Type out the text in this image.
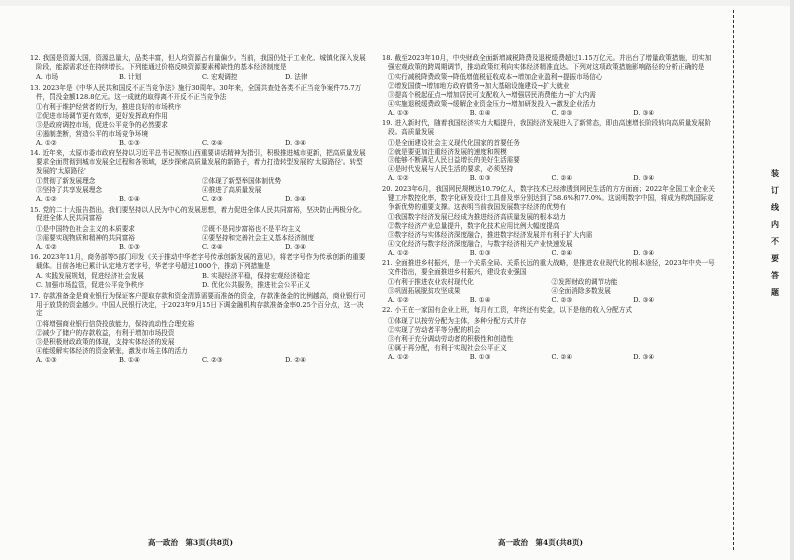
12. 我国是资源大国，资源总量大，品类丰富，但人均资源占有量偏少。当前，我国仍处于工业化、城镇化深入发展阶段，能源需求还在持续增长。下列能通过价格反映资源要素稀缺性的基本经济制度是
A. 市场	B. 计划	C. 宏观调控	D. 法律
13. 2023年是《中华人民共和国反不正当竞争法》施行30周年。30年来，全国共查处各类不正当竞争案件75.7万件，罚没金额128.8亿元。这一成就的取得离不开反不正当竞争法
①有利于维护经营者的行为，推进良好的市场秩序
②促进市场调节更有效率，更好发挥政府作用
③是政府调控市场，促进公平竞争的必然要求
④遏制垄断，营造公平的市场竞争环境
A. ①②	B. ①③	C. ②④	D. ③④
14. 近年来，太原市委市政府坚持以习近平总书记视察山西重要讲话精神为指引，积极推进城市更新，把高质量发展要求全面贯彻到城市发展全过程和各领域，逐步探索高质量发展的新路子，着力打造转型发展的'太原路径'。转型发展的'太原路径'
①贯彻了新发展理念	②体现了新型举国体制优势
③坚持了共享发展理念	④推进了高质量发展
A. ①②	B. ①④	C. ②③	D. ③④
15. 党的二十大报告指出，我们要坚持以人民为中心的发展思想，着力促进全体人民共同富裕，坚决防止两极分化。促进全体人民共同富裕
①是中国特色社会主义的本质要求	②既不是同步富裕也不是平均主义
③需要实现物质和精神的共同富裕	④要坚持和完善社会主义基本经济制度
A. ①②	B. ①③	C. ②④	D. ③④
16. 2023年11月，商务部等5部门印发《关于推动中华老字号传承创新发展的意见》，将老字号作为传承创新的重要载体。目前各地已累计认定地方老字号，华老字号超过1000个，推动下列措施是
A. 实践发展规划，促进经济社会发展	B. 实现经济平稳，保持宏观经济稳定
C. 加强市场监管，促进公平竞争秩序	D. 优化公共服务，推进社会公平正义
17. 存款准备金是商业银行为保证客户提取存款和资金清算需要而准备的资金，存款准备金的比例越高，商业银行可用于放贷的资金越少。中国人民银行决定，于2023年9月15日下调金融机构存款准备金率0.25个百分点，这一决定
①将增强商业银行信贷投放能力，保持流动性合理充裕
②减少了储户的存款收益，有利于增加市场投资
③是积极财政政策的体现，支持实体经济的发展
④能缓解实体经济的资金紧张，激发市场主体的活力
A. ①③	B. ①④	C. ②③	D. ②④
18. 截至2023年10月，中央财政全面新增减税降费及退税缓费超过1.15万亿元。并出台了增量政策措施，切实加强宏观政策的跨周期调节，推动政策红利向实体经济精准直达。下列对这项政策措施影响路径的分析正确的是
①实行减税降费政策→降低增值税征收成本→增加企业盈利→提振市场信心
②增发国债→增加地方政府债务→加大基础设施建设→扩大就业
③提高个税起征点→增加居民可支配收入→增强居民消费能力→扩大内需
④实施退税缓费政策→缓解企业资金压力→增加研发投入→激发企业活力
A. ①③	B. ①④	C. ②③	D. ③④
19. 进入新时代，随着我国经济实力大幅提升，我国经济发展进入了新常态，即由高速增长阶段转向高质量发展阶段。高质量发展
①是全面建设社会主义现代化国家的首要任务
②就是要更加注重经济发展的速度和规模
③能够不断满足人民日益增长的美好生活需要
④是时代发展与人民生活的要求，必须坚持
A. ①②	B. ①③	C. ②④	D. ③④
20. 2023年6月，我国网民规模达10.79亿人，数字技术已经渗透到网民生活的方方面面；2022年全国工业企业关键工序数控化率，数字化研发设计工具普及率分别达到了58.6%和77.0%。这说明数字中国，将成为构筑国际竞争新优势的重要支撑。这表明当前我国发展数字经济的优势有
①我国数字经济发展已经成为推进经济高质量发展的根本动力
②数字经济产业总量提升，数字化技术应用比例大幅度提高
③数字经济与实体经济深度融合，推进数字经济发展并有利于扩大内需
④文化经济与数字经济深度融合，与数字经济相关产业快速发展
A. ①②	B. ①③	C. ②④	D. ③④
21. 全面推进乡村振兴，是一个关系全局、关系长远的重大战略，是推进农业现代化的根本途径，2023年中央一号文件指出，要全面推进乡村振兴，建设农业强国
①有利于推进农业农村现代化	②发挥财政的调节功能
③巩固拓展脱贫攻坚成果	④全面消除多数发展
A. ①②	B. ①④	C. ②③	D. ③④
22. 小王在一家国有企业上班，每月有工资，年终还有奖金，以下是他的收入分配方式
①体现了以按劳分配为主体，多种分配方式并存
②实现了劳动者平等分配的机会
③有利于充分调动劳动者的积极性和创造性
④属于再分配，有利于实现社会公平正义
A. ①②	B. ①③	C. ②④	D. ③④
高一政治　第3页(共8页)	高一政治　第4页(共8页)
装
订
线
内
不
要
答
题
